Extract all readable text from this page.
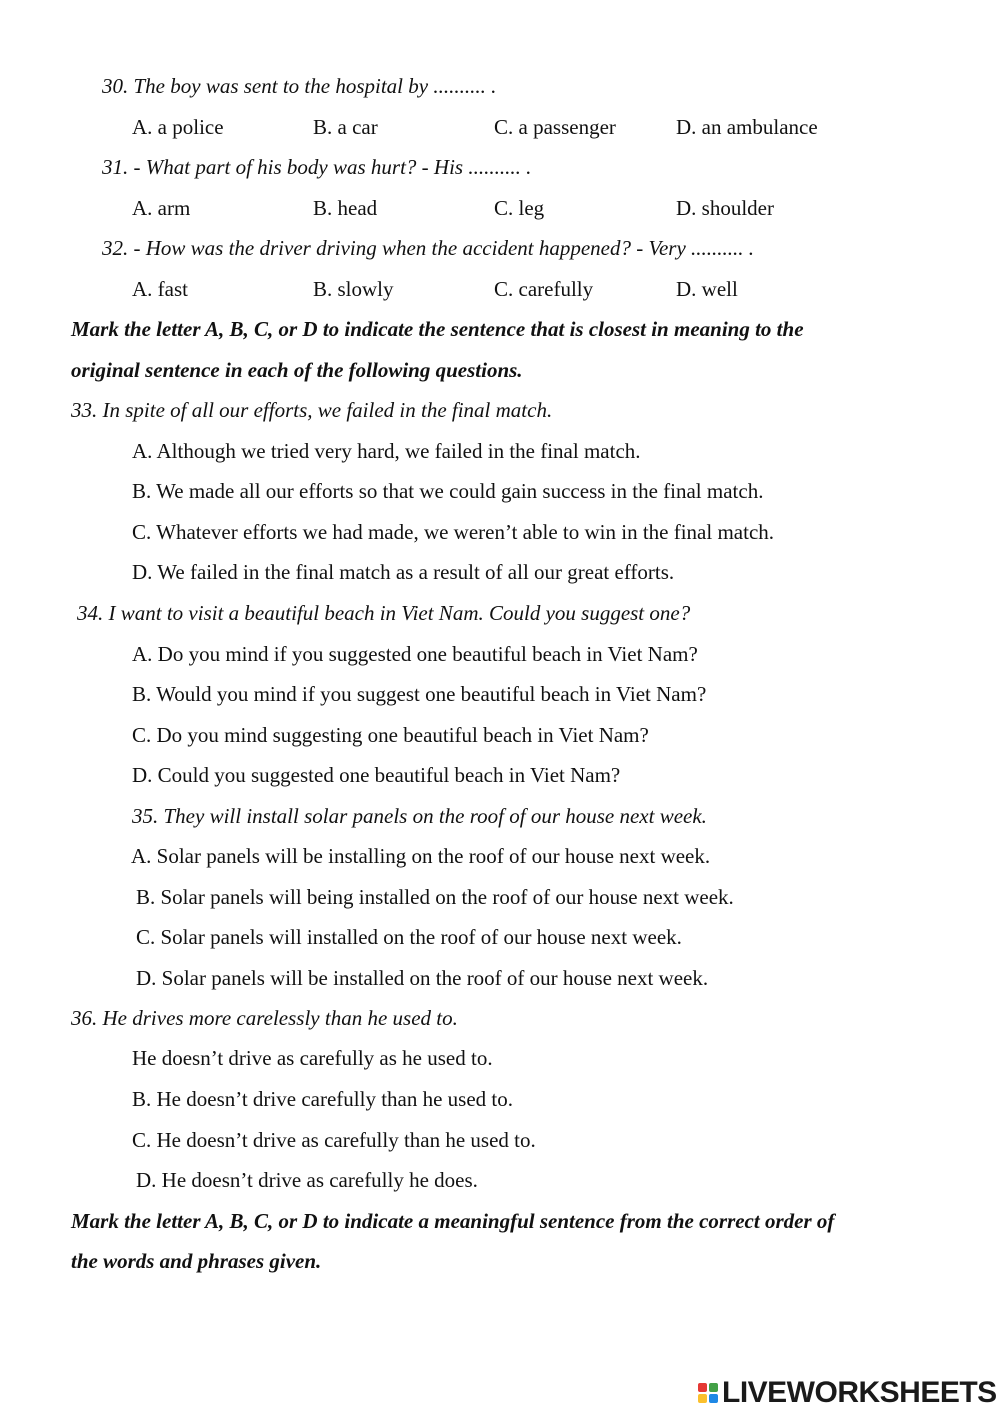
30. The boy was sent to the hospital by .......... .
A. a police	B. a car	C. a passenger	D. an ambulance
31. - What part of his body was hurt? - His .......... .
A. arm	B. head	C. leg	D. shoulder
32. - How was the driver driving when the accident happened? - Very .......... .
A. fast	B. slowly	C. carefully	D. well
Mark the letter A, B, C, or D to indicate the sentence that is closest in meaning to the
original sentence in each of the following questions.
33. In spite of all our efforts, we failed in the final match.
A. Although we tried very hard, we failed in the final match.
B. We made all our efforts so that we could gain success in the final match.
C. Whatever efforts we had made, we weren’t able to win in the final match.
D. We failed in the final match as a result of all our great efforts.
34. I want to visit a beautiful beach in Viet Nam. Could you suggest one?
A. Do you mind if you suggested one beautiful beach in Viet Nam?
B. Would you mind if you suggest one beautiful beach in Viet Nam?
C. Do you mind suggesting one beautiful beach in Viet Nam?
D. Could you suggested one beautiful beach in Viet Nam?
35. They will install solar panels on the roof of our house next week.
A. Solar panels will be installing on the roof of our house next week.
B. Solar panels will being installed on the roof of our house next week.
C. Solar panels will installed on the roof of our house next week.
D. Solar panels will be installed on the roof of our house next week.
36. He drives more carelessly than he used to.
He doesn’t drive as carefully as he used to.
B. He doesn’t drive carefully than he used to.
C. He doesn’t drive as carefully than he used to.
D. He doesn’t drive as carefully he does.
Mark the letter A, B, C, or D to indicate a meaningful sentence from the correct order of
the words and phrases given.
LIVEWORKSHEETS
